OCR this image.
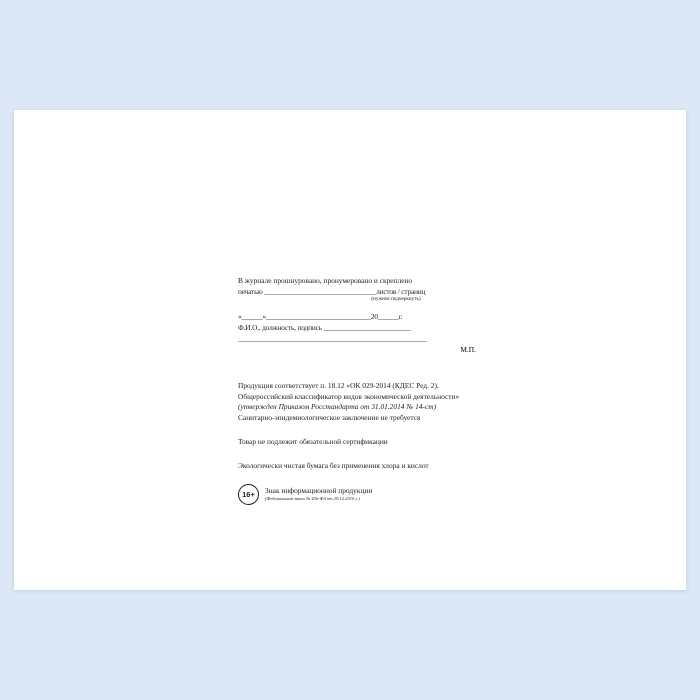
В журнале прошнуровано, пронумеровано и скреплено
печатью ________________________________листов / страниц
(нужное подчеркнуть)
«______»______________________________20______г.
Ф.И.О., должность, подпись _________________________
______________________________________________________
М.П.
Продукция соответствует п. 18.12 «ОК 029-2014 (КДЕС Ред. 2).
Общероссийский классификатор видов экономической деятельности»
(утвержден Приказом Росстандарта от 31.01.2014 № 14-ст)
Санитарно-эпидемиологическое заключение не требуется
Товар не подлежит обязательной сертификации
Экологически чистая бумага без применения хлора и кислот
16+	Знак информационной продукции
(Федеральный закон № 436-ФЗ от 29.12.2010 г.)
